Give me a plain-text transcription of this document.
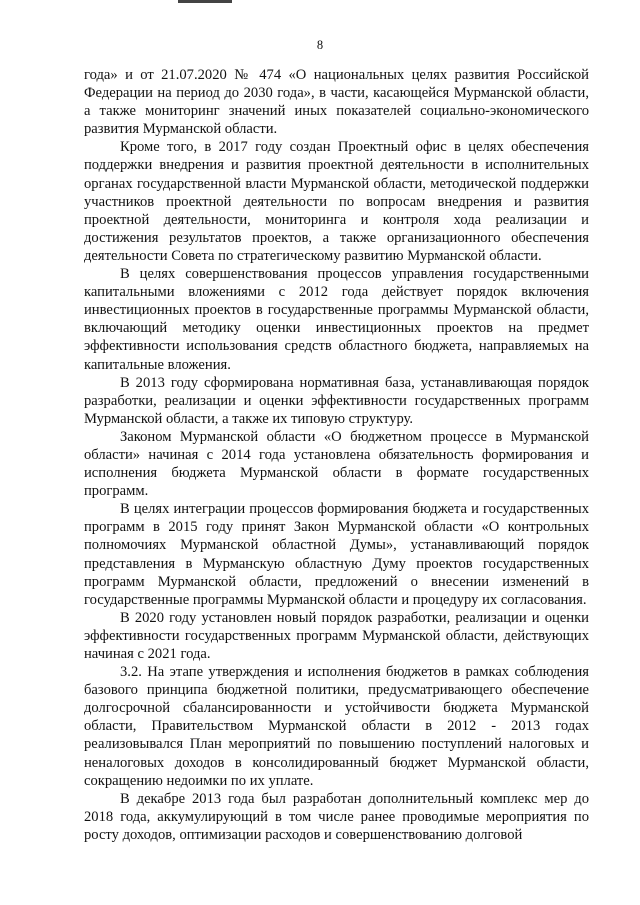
8

года» и от 21.07.2020 № 474 «О национальных целях развития Российской Федерации на период до 2030 года», в части, касающейся Мурманской области, а также мониторинг значений иных показателей социально-экономического развития Мурманской области.

Кроме того, в 2017 году создан Проектный офис в целях обеспечения поддержки внедрения и развития проектной деятельности в исполнительных органах государственной власти Мурманской области, методической поддержки участников проектной деятельности по вопросам внедрения и развития проектной деятельности, мониторинга и контроля хода реализации и достижения результатов проектов, а также организационного обеспечения деятельности Совета по стратегическому развитию Мурманской области.

В целях совершенствования процессов управления государственными капитальными вложениями с 2012 года действует порядок включения инвестиционных проектов в государственные программы Мурманской области, включающий методику оценки инвестиционных проектов на предмет эффективности использования средств областного бюджета, направляемых на капитальные вложения.

В 2013 году сформирована нормативная база, устанавливающая порядок разработки, реализации и оценки эффективности государственных программ Мурманской области, а также их типовую структуру.

Законом Мурманской области «О бюджетном процессе в Мурманской области» начиная с 2014 года установлена обязательность формирования и исполнения бюджета Мурманской области в формате государственных программ.

В целях интеграции процессов формирования бюджета и государственных программ в 2015 году принят Закон Мурманской области «О контрольных полномочиях Мурманской областной Думы», устанавливающий порядок представления в Мурманскую областную Думу проектов государственных программ Мурманской области, предложений о внесении изменений в государственные программы Мурманской области и процедуру их согласования.

В 2020 году установлен новый порядок разработки, реализации и оценки эффективности государственных программ Мурманской области, действующих начиная с 2021 года.

3.2. На этапе утверждения и исполнения бюджетов в рамках соблюдения базового принципа бюджетной политики, предусматривающего обеспечение долгосрочной сбалансированности и устойчивости бюджета Мурманской области, Правительством Мурманской области в 2012 - 2013 годах реализовывался План мероприятий по повышению поступлений налоговых и неналоговых доходов в консолидированный бюджет Мурманской области, сокращению недоимки по их уплате.

В декабре 2013 года был разработан дополнительный комплекс мер до 2018 года, аккумулирующий в том числе ранее проводимые мероприятия по росту доходов, оптимизации расходов и совершенствованию долговой
